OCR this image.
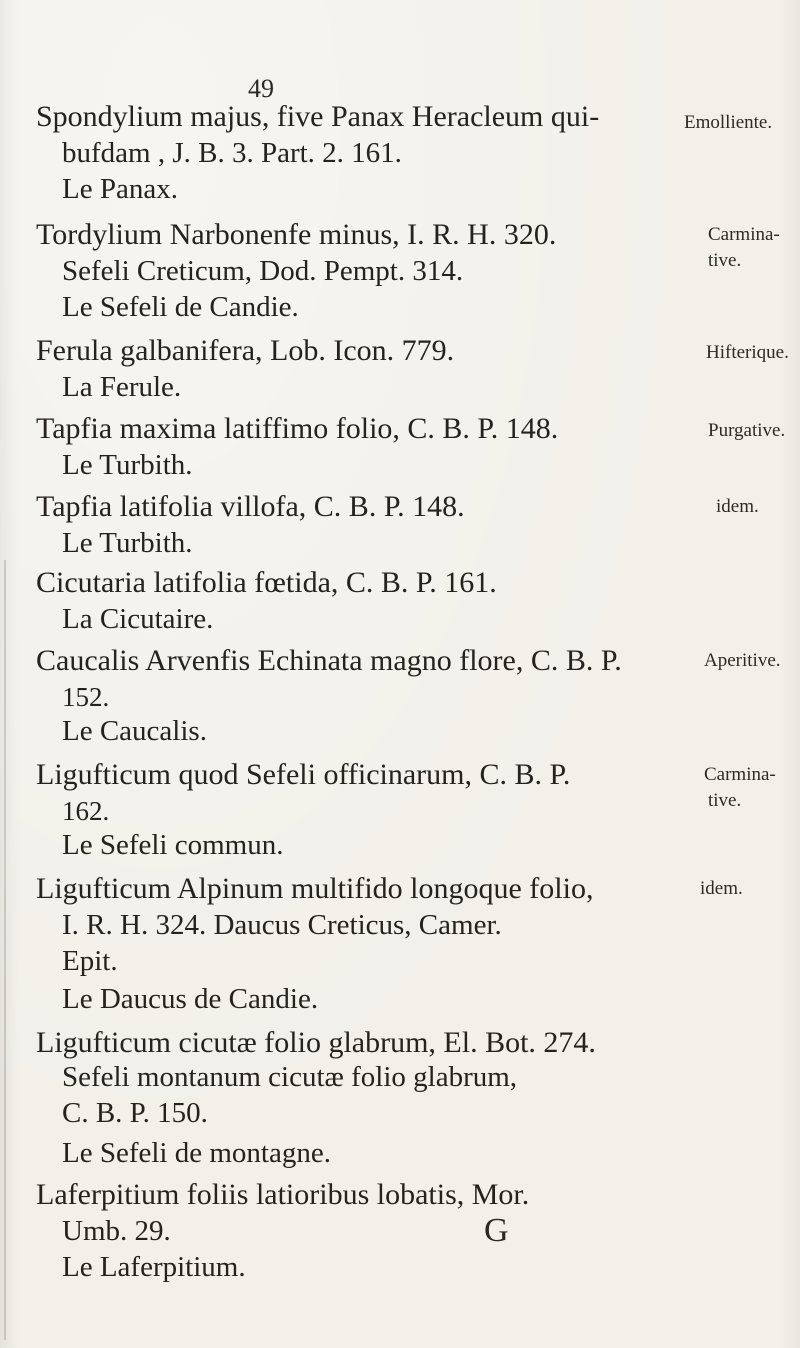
49
Spondylium majus, five Panax Heracleum qui-
bufdam , J. B. 3. Part. 2. 161.
Le Panax.
Tordylium Narbonenfe minus, I. R. H. 320.
Sefeli Creticum, Dod. Pempt. 314.
Le Sefeli de Candie.
Ferula galbanifera, Lob. Icon. 779.
La Ferule.
Tapfia maxima latiffimo folio, C. B. P. 148.
Le Turbith.
Tapfia latifolia villofa, C. B. P. 148.
Le Turbith.
Cicutaria latifolia fœtida, C. B. P. 161.
La Cicutaire.
Caucalis Arvenfis Echinata magno flore, C. B. P.
152.
Le Caucalis.
Ligufticum quod Sefeli officinarum, C. B. P.
162.
Le Sefeli commun.
Ligufticum Alpinum multifido longoque folio,
I. R. H. 324. Daucus Creticus, Camer.
Epit.
Le Daucus de Candie.
Ligufticum cicutæ folio glabrum, El. Bot. 274.
Sefeli montanum cicutæ folio glabrum,
C. B. P. 150.
Le Sefeli de montagne.
Laferpitium foliis latioribus lobatis, Mor.
Umb. 29.
Le Laferpitium.
Emolliente.
Carmina-
tive.
Hifterique.
Purgative.
idem.
Aperitive.
Carmina-
tive.
idem.
G
